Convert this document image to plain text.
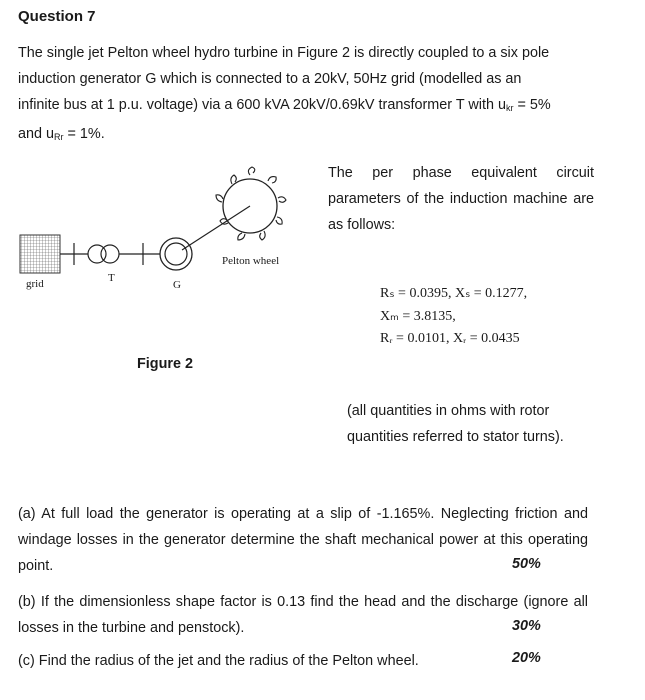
Question 7
The single jet Pelton wheel hydro turbine in Figure 2 is directly coupled to a six pole
induction generator G which is connected to a 20kV, 50Hz grid (modelled as an
infinite bus at 1 p.u. voltage) via a 600 kVA 20kV/0.69kV transformer T with $u_{kr} = 5\%$
and $u_{Rr} = 1\%$.
grid	T
G
Pelton wheel
Figure 2
The per phase equivalent circuit parameters of the induction machine are as follows:
Rₛ = 0.0395, Xₛ = 0.1277,
Xₘ = 3.8135,
Rᵣ = 0.0101, Xᵣ = 0.0435
(all quantities in ohms with rotor quantities referred to stator turns).
(a) At full load the generator is operating at a slip of -1.165%. Neglecting friction and windage losses in the generator determine the shaft mechanical power at this operating point.	50%
(b) If the dimensionless shape factor is 0.13 find the head and the discharge (ignore all losses in the turbine and penstock).	30%
(c) Find the radius of the jet and the radius of the Pelton wheel.	20%
